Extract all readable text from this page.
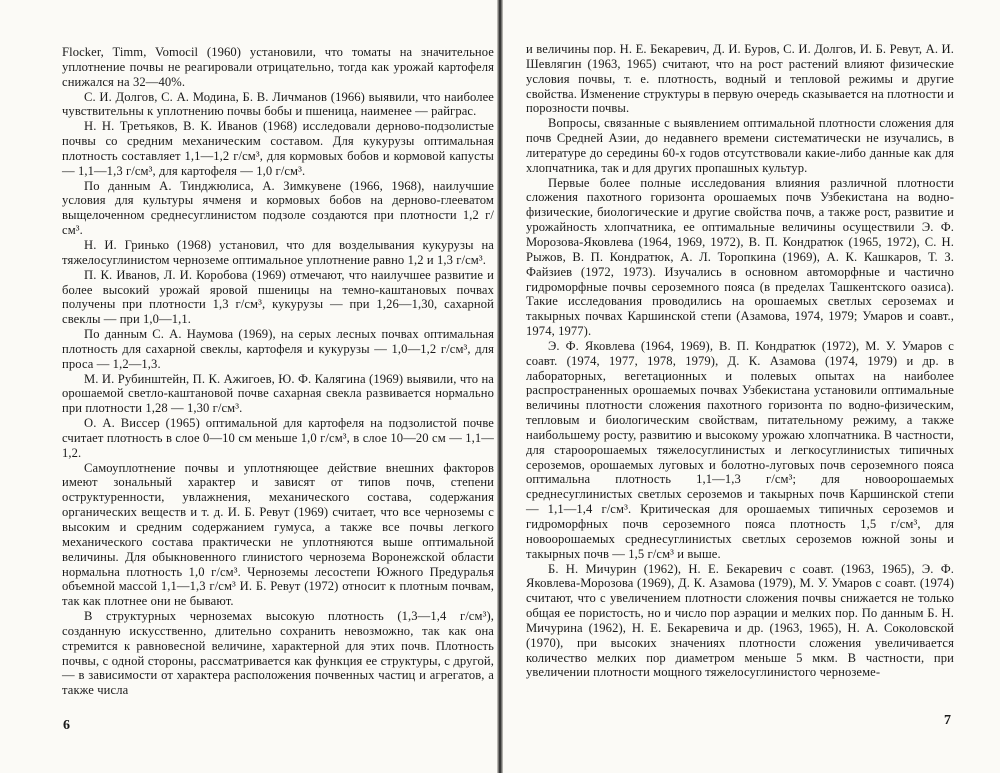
Flocker, Timm, Vomocil (1960) установили, что томаты на значительное уплотнение почвы не реагировали отрицательно, тогда как урожай картофеля снижался на 32—40%.

С. И. Долгов, С. А. Модина, Б. В. Личманов (1966) выявили, что наиболее чувствительны к уплотнению почвы бобы и пшеница, наименее — райграс.

Н. Н. Третьяков, В. К. Иванов (1968) исследовали дерново-подзолистые почвы со средним механическим составом. Для кукурузы оптимальная плотность составляет 1,1—1,2 г/см³, для кормовых бобов и кормовой капусты — 1,1—1,3 г/см³, для картофеля — 1,0 г/см³.

По данным А. Тинджюлиса, А. Зимкувене (1966, 1968), наилучшие условия для культуры ячменя и кормовых бобов на дерново-глееватом выщелоченном среднесуглинистом подзоле создаются при плотности 1,2 г/см³.

Н. И. Гринько (1968) установил, что для возделывания кукурузы на тяжелосуглинистом черноземе оптимальное уплотнение равно 1,2 и 1,3 г/см³.

П. К. Иванов, Л. И. Коробова (1969) отмечают, что наилучшее развитие и более высокий урожай яровой пшеницы на темно-каштановых почвах получены при плотности 1,3 г/см³, кукурузы — при 1,26—1,30, сахарной свеклы — при 1,0—1,1.

По данным С. А. Наумова (1969), на серых лесных почвах оптимальная плотность для сахарной свеклы, картофеля и кукурузы — 1,0—1,2 г/см³, для проса — 1,2—1,3.

М. И. Рубинштейн, П. К. Ажигоев, Ю. Ф. Калягина (1969) выявили, что на орошаемой светло-каштановой почве сахарная свекла развивается нормально при плотности 1,28 — 1,30 г/см³.

О. А. Виссер (1965) оптимальной для картофеля на подзолистой почве считает плотность в слое 0—10 см меньше 1,0 г/см³, в слое 10—20 см — 1,1—1,2.

Самоуплотнение почвы и уплотняющее действие внешних факторов имеют зональный характер и зависят от типов почв, степени оструктуренности, увлажнения, механического состава, содержания органических веществ и т. д. И. Б. Ревут (1969) считает, что все черноземы с высоким и средним содержанием гумуса, а также все почвы легкого механического состава практически не уплотняются выше оптимальной величины. Для обыкновенного глинистого чернозема Воронежской области нормальна плотность 1,0 г/см³. Черноземы лесостепи Южного Предуралья объемной массой 1,1—1,3 г/см³ И. Б. Ревут (1972) относит к плотным почвам, так как плотнее они не бывают.

В структурных черноземах высокую плотность (1,3—1,4 г/см³), созданную искусственно, длительно сохранить невозможно, так как она стремится к равновесной величине, характерной для этих почв. Плотность почвы, с одной стороны, рассматривается как функция ее структуры, с другой, — в зависимости от характера расположения почвенных частиц и агрегатов, а также числа

6

и величины пор. Н. Е. Бекаревич, Д. И. Буров, С. И. Долгов, И. Б. Ревут, А. И. Шевлягин (1963, 1965) считают, что на рост растений влияют физические условия почвы, т. е. плотность, водный и тепловой режимы и другие свойства. Изменение структуры в первую очередь сказывается на плотности и порозности почвы.

Вопросы, связанные с выявлением оптимальной плотности сложения для почв Средней Азии, до недавнего времени систематически не изучались, в литературе до середины 60-х годов отсутствовали какие-либо данные как для хлопчатника, так и для других пропашных культур.

Первые более полные исследования влияния различной плотности сложения пахотного горизонта орошаемых почв Узбекистана на водно-физические, биологические и другие свойства почв, а также рост, развитие и урожайность хлопчатника, ее оптимальные величины осуществили Э. Ф. Морозова-Яковлева (1964, 1969, 1972), В. П. Кондратюк (1965, 1972), С. Н. Рыжов, В. П. Кондратюк, А. Л. Торопкина (1969), А. К. Кашкаров, Т. З. Файзиев (1972, 1973). Изучались в основном автоморфные и частично гидроморфные почвы сероземного пояса (в пределах Ташкентского оазиса). Такие исследования проводились на орошаемых светлых сероземах и такырных почвах Каршинской степи (Азамова, 1974, 1979; Умаров и соавт., 1974, 1977).

Э. Ф. Яковлева (1964, 1969), В. П. Кондратюк (1972), М. У. Умаров с соавт. (1974, 1977, 1978, 1979), Д. К. Азамова (1974, 1979) и др. в лабораторных, вегетационных и полевых опытах на наиболее распространенных орошаемых почвах Узбекистана установили оптимальные величины плотности сложения пахотного горизонта по водно-физическим, тепловым и биологическим свойствам, питательному режиму, а также наибольшему росту, развитию и высокому урожаю хлопчатника. В частности, для староорошаемых тяжелосуглинистых и легкосуглинистых типичных сероземов, орошаемых луговых и болотно-луговых почв сероземного пояса оптимальна плотность 1,1—1,3 г/см³; для новоорошаемых среднесуглинистых светлых сероземов и такырных почв Каршинской степи — 1,1—1,4 г/см³. Критическая для орошаемых типичных сероземов и гидроморфных почв сероземного пояса плотность 1,5 г/см³, для новоорошаемых среднесуглинистых светлых сероземов южной зоны и такырных почв — 1,5 г/см³ и выше.

Б. Н. Мичурин (1962), Н. Е. Бекаревич с соавт. (1963, 1965), Э. Ф. Яковлева-Морозова (1969), Д. К. Азамова (1979), М. У. Умаров с соавт. (1974) считают, что с увеличением плотности сложения почвы снижается не только общая ее пористость, но и число пор аэрации и мелких пор. По данным Б. Н. Мичурина (1962), Н. Е. Бекаревича и др. (1963, 1965), Н. А. Соколовской (1970), при высоких значениях плотности сложения увеличивается количество мелких пор диаметром меньше 5 мкм. В частности, при увеличении плотности мощного тяжелосуглинистого черноземе-

7
